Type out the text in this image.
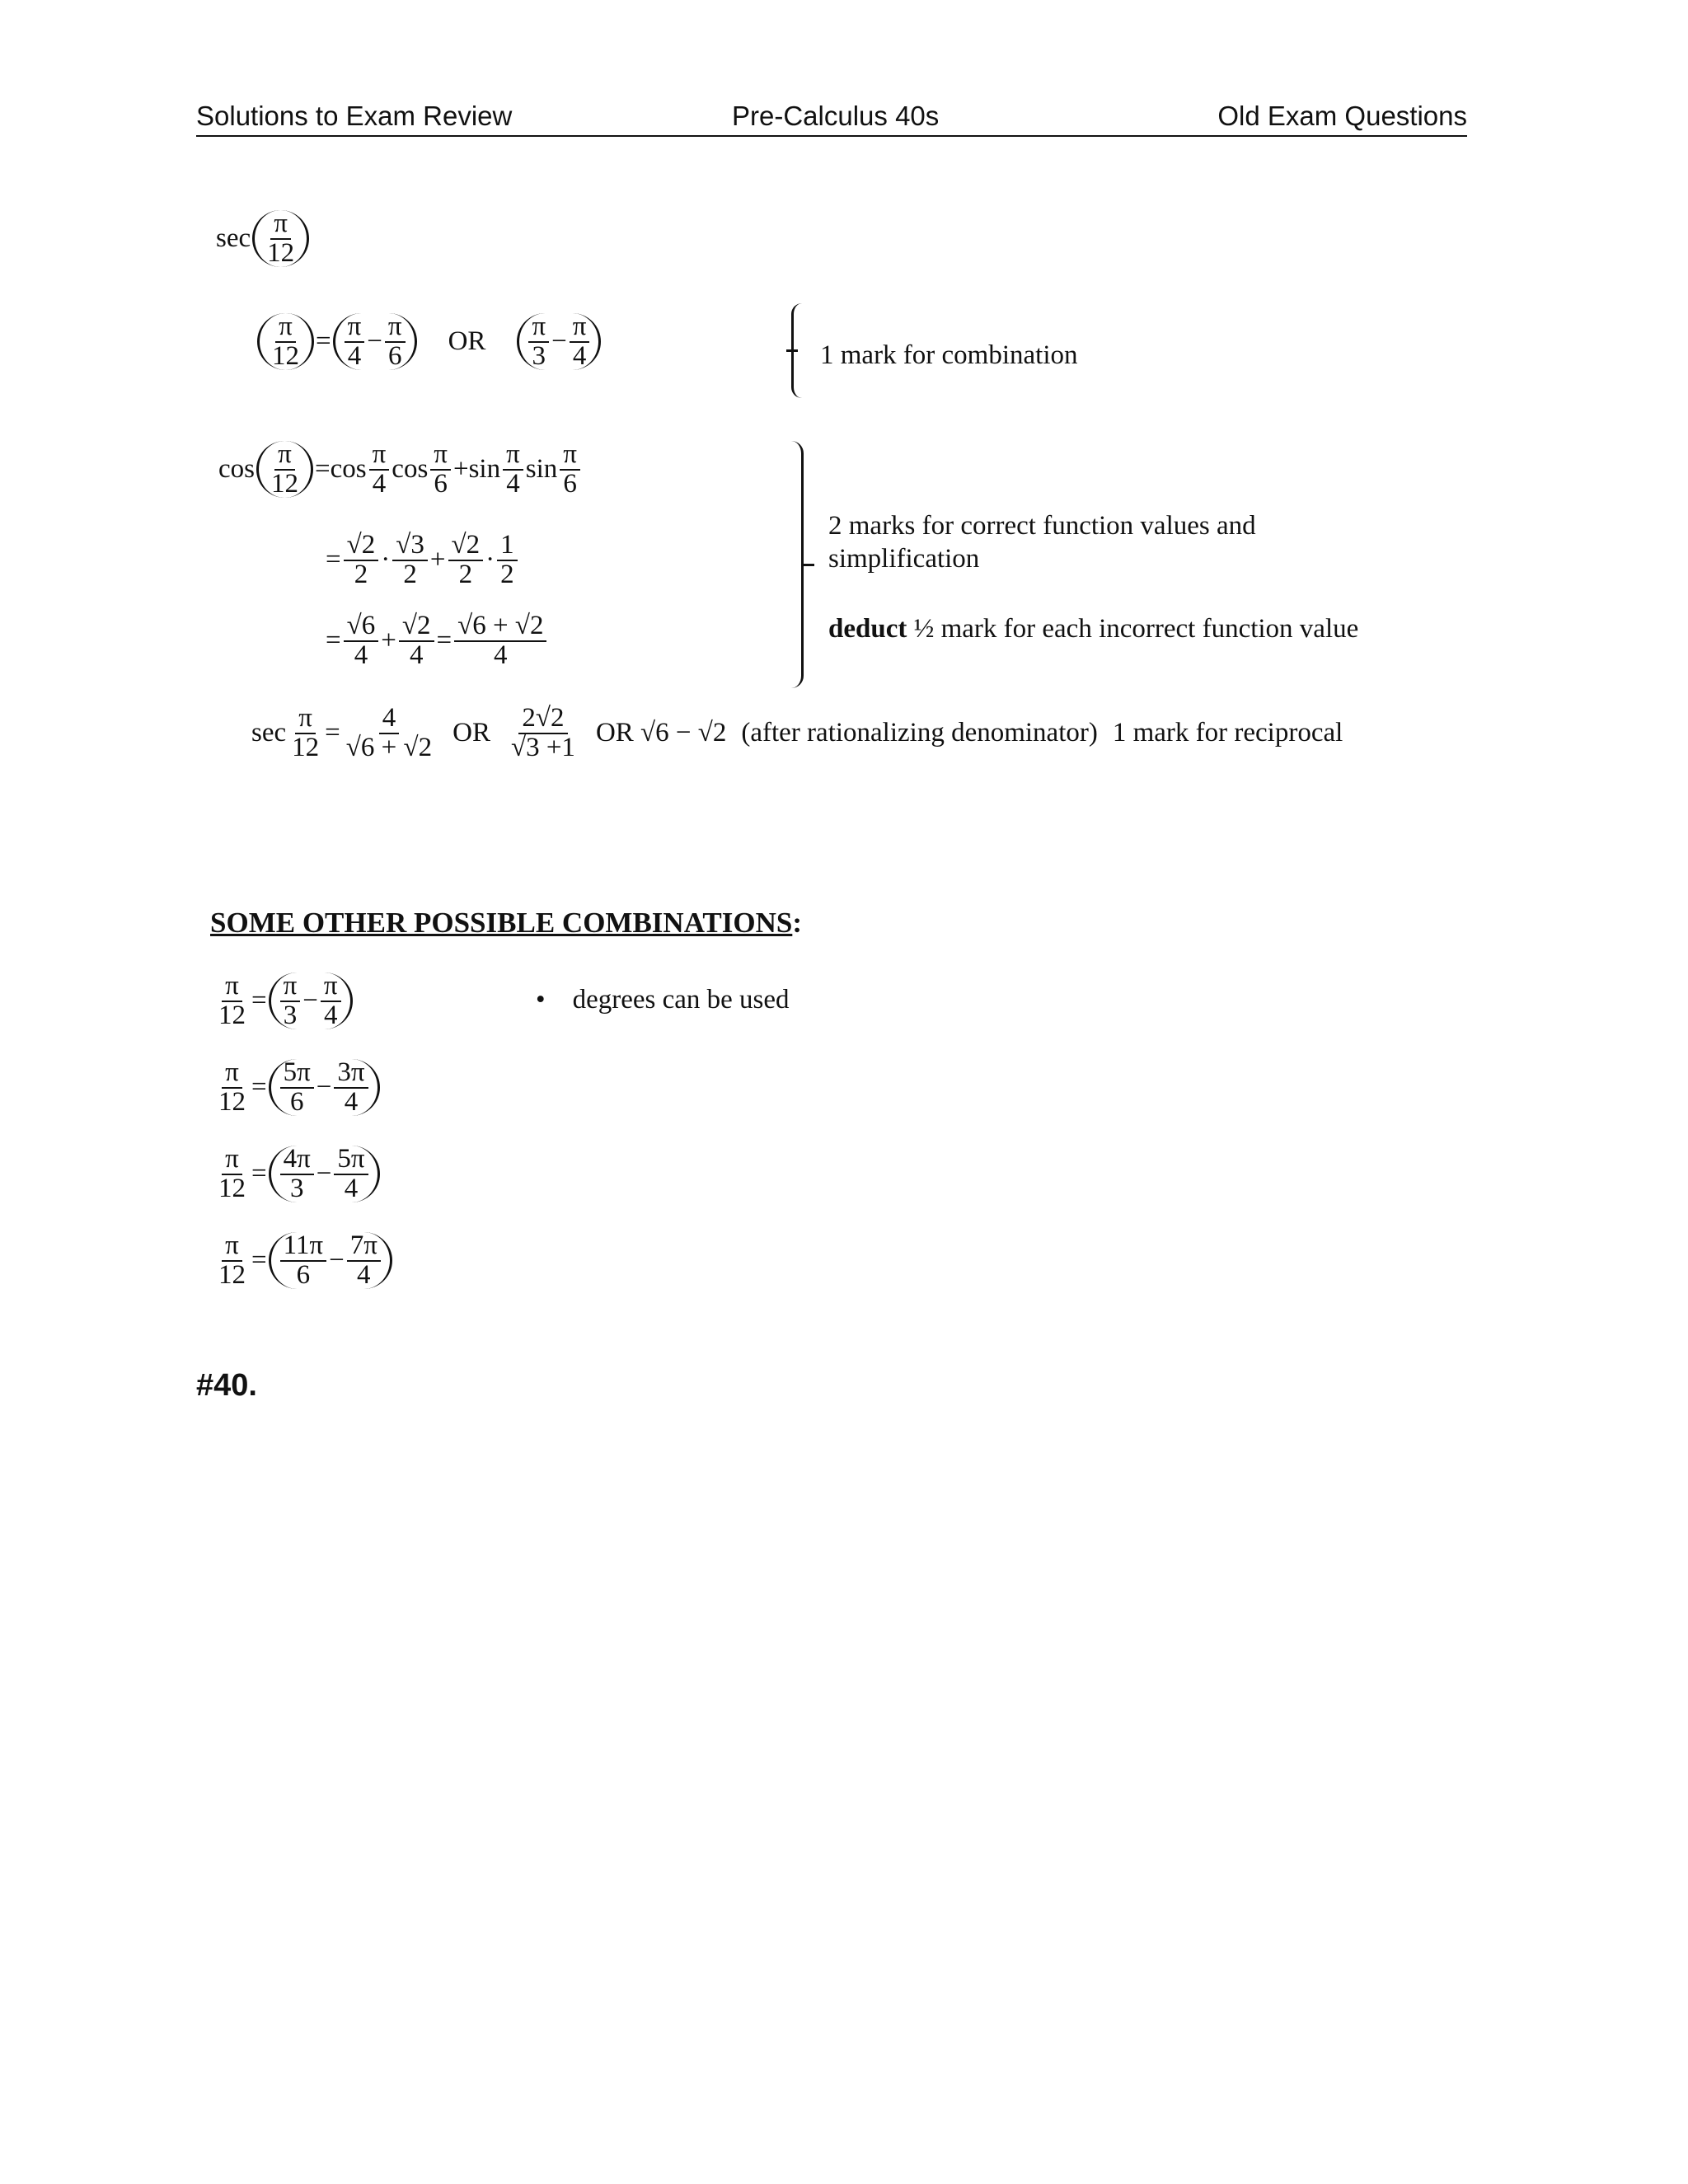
Solutions to Exam Review	Pre-Calculus 40s	Old Exam Questions
$\sec \frac{\pi}{12}$
$\frac{\pi}{12} = \frac{\pi}{4} - \frac{\pi}{6}$ OR $\frac{\pi}{3} - \frac{\pi}{4}$	1 mark for combination
$\cos \frac{\pi}{12} = \cos \frac{\pi}{4}$ $\cos \frac{\pi}{6} + \sin \frac{\pi}{4}$ $\sin \frac{\pi}{6}$
= $\frac{√2}{2} \cdot \frac{√3}{2} + \frac{√2}{2} \cdot \frac{1}{2}$
= $\frac{√6}{4} + \frac{√2}{4} = \frac{√6 + √2}{4}$
2 marks for correct function values and
simplification
deduct ½ mark for each incorrect function value
$\sec \frac{\pi}{12} = \frac{4}{√6 + √2}$ OR $\frac{2√2}{√3 +1}$ OR √6 − √2 (after rationalizing denominator) 1 mark for reciprocal
SOME OTHER POSSIBLE COMBINATIONS:
$\frac{\pi}{12} = \frac{\pi}{3} - \frac{\pi}{4}$	•    degrees can be used
$\frac{\pi}{12} = \frac{5\pi}{6} - \frac{3\pi}{4}$
$\frac{\pi}{12} = \frac{4\pi}{3} - \frac{5\pi}{4}$
$\frac{\pi}{12} = \frac{11\pi}{6} - \frac{7\pi}{4}$
#40.
